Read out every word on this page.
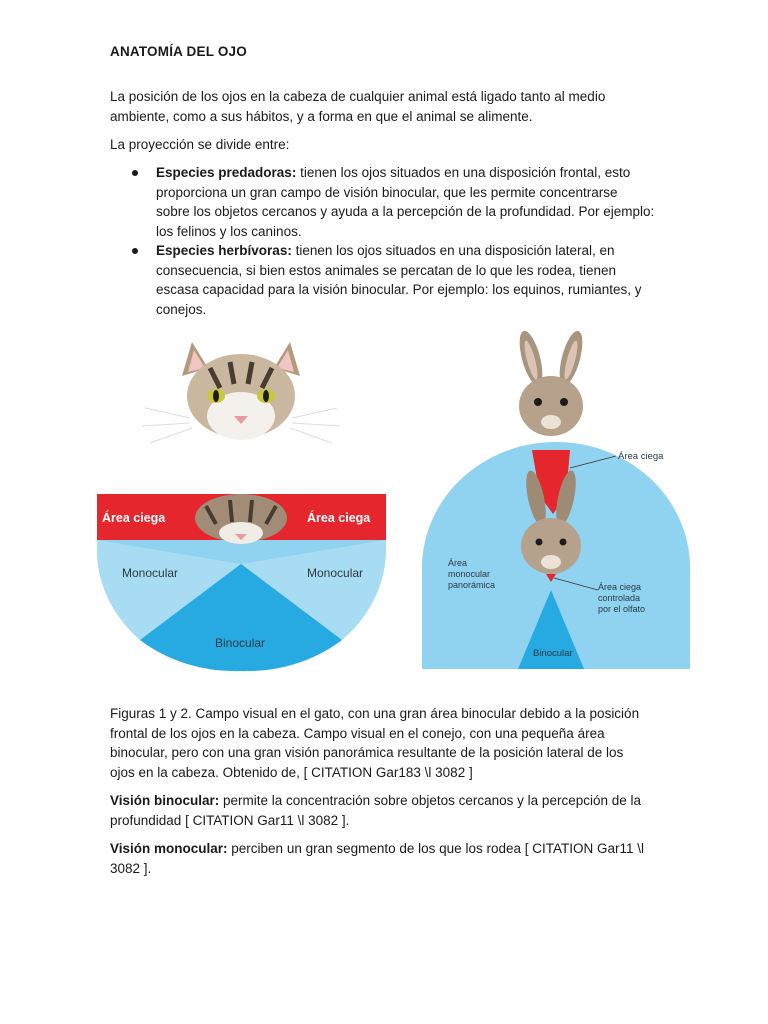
ANATOMÍA DEL OJO
La posición de los ojos en la cabeza de cualquier animal está ligado tanto al medio ambiente, como a sus hábitos, y a forma en que el animal se alimente.
La proyección se divide entre:
Especies predadoras: tienen los ojos situados en una disposición frontal, esto proporciona un gran campo de visión binocular, que les permite concentrarse sobre los objetos cercanos y ayuda a la percepción de la profundidad. Por ejemplo: los felinos y los caninos.
Especies herbívoras: tienen los ojos situados en una disposición lateral, en consecuencia, si bien estos animales se percatan de lo que les rodea, tienen escasa capacidad para la visión binocular. Por ejemplo: los equinos, rumiantes, y conejos.
Área ciega	Área ciega
Monocular	Monocular
Binocular
Área ciega
Área
monocular
panorámica	Área ciega
controlada
por el olfato
Binocular
Figuras 1 y 2. Campo visual en el gato, con una gran área binocular debido a la posición frontal de los ojos en la cabeza. Campo visual en el conejo, con una pequeña área binocular, pero con una gran visión panorámica resultante de la posición lateral de los ojos en la cabeza. Obtenido de, [ CITATION Gar183 \l 3082 ]
Visión binocular: permite la concentración sobre objetos cercanos y la percepción de la profundidad [ CITATION Gar11 \l 3082 ].
Visión monocular: perciben un gran segmento de los que los rodea [ CITATION Gar11 \l 3082 ].
